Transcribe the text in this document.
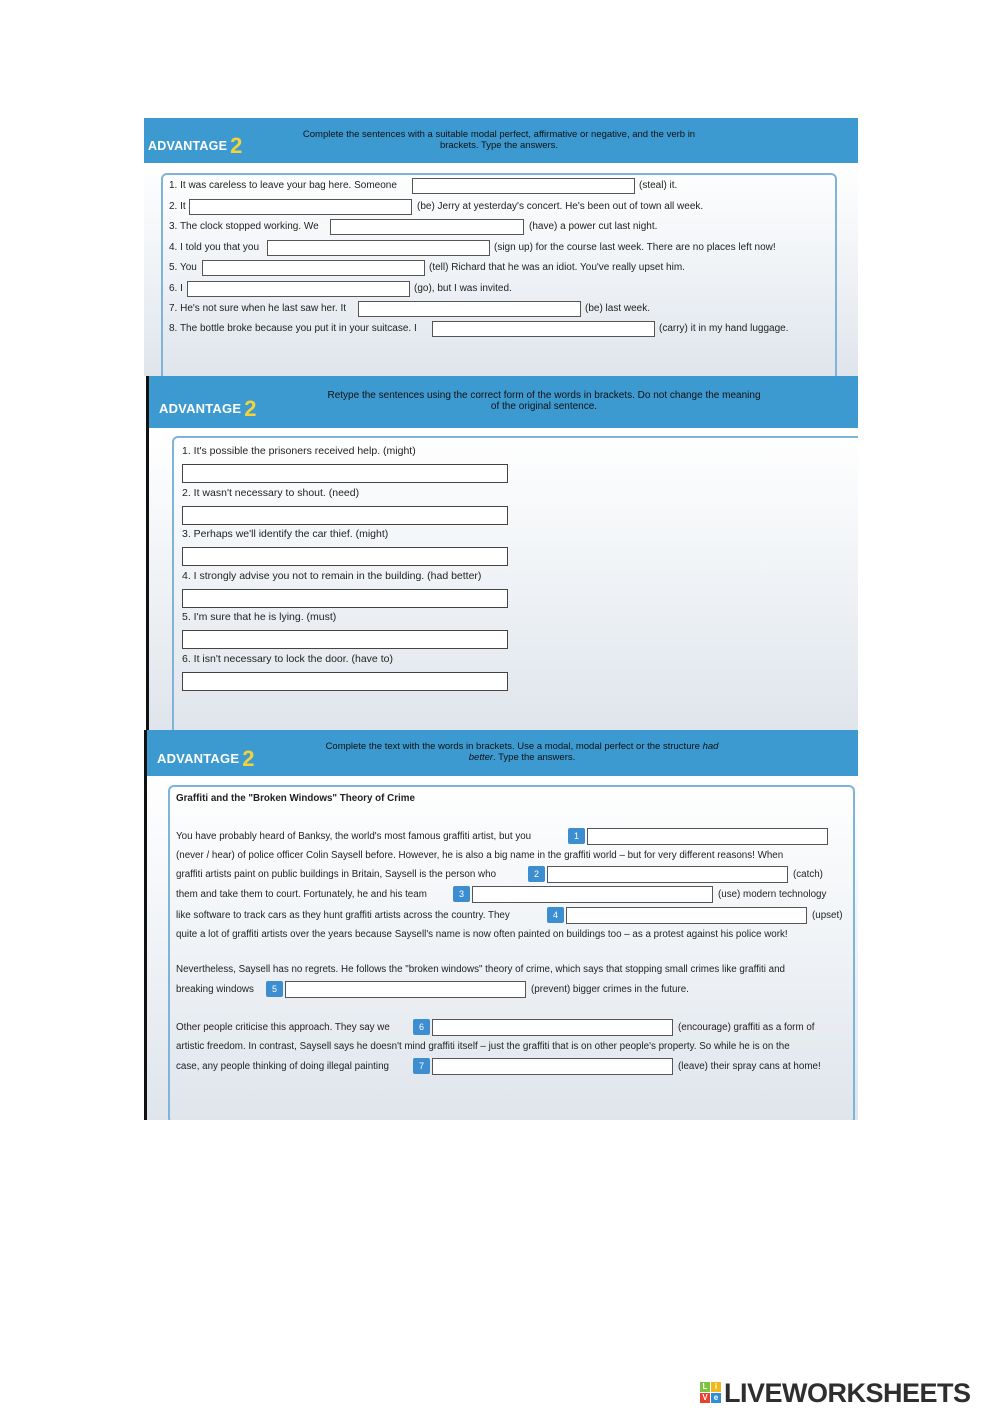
ADVANTAGE 2	Complete the sentences with a suitable modal perfect, affirmative or negative, and the verb in
brackets. Type the answers.
1. It was careless to leave your bag here. Someone	(steal) it.
2. It	(be) Jerry at yesterday's concert. He's been out of town all week.
3. The clock stopped working. We	(have) a power cut last night.
4. I told you that you	(sign up) for the course last week. There are no places left now!
5. You	(tell) Richard that he was an idiot. You've really upset him.
6. I	(go), but I was invited.
7. He's not sure when he last saw her. It	(be) last week.
8. The bottle broke because you put it in your suitcase. I	(carry) it in my hand luggage.
ADVANTAGE 2
Retype the sentences using the correct form of the words in brackets. Do not change the meaning
of the original sentence.
1. It's possible the prisoners received help. (might)
2. It wasn't necessary to shout. (need)
3. Perhaps we'll identify the car thief. (might)
4. I strongly advise you not to remain in the building. (had better)
5. I'm sure that he is lying. (must)
6. It isn't necessary to lock the door. (have to)
ADVANTAGE 2	Complete the text with the words in brackets. Use a modal, modal perfect or the structure had
better. Type the answers.
Graffiti and the "Broken Windows" Theory of Crime
You have probably heard of Banksy, the world's most famous graffiti artist, but you	1
(never / hear) of police officer Colin Saysell before. However, he is also a big name in the graffiti world – but for very different reasons! When
graffiti artists paint on public buildings in Britain, Saysell is the person who	2	(catch)
them and take them to court. Fortunately, he and his team	3	(use) modern technology
like software to track cars as they hunt graffiti artists across the country. They	4	(upset)
quite a lot of graffiti artists over the years because Saysell's name is now often painted on buildings too – as a protest against his police work!
Nevertheless, Saysell has no regrets. He follows the "broken windows" theory of crime, which says that stopping small crimes like graffiti and
breaking windows	5	(prevent) bigger crimes in the future.
Other people criticise this approach. They say we	6	(encourage) graffiti as a form of
artistic freedom. In contrast, Saysell says he doesn't mind graffiti itself – just the graffiti that is on other people's property. So while he is on the
case, any people thinking of doing illegal painting	7	(leave) their spray cans at home!
L i
V e LIVEWORKSHEETS
